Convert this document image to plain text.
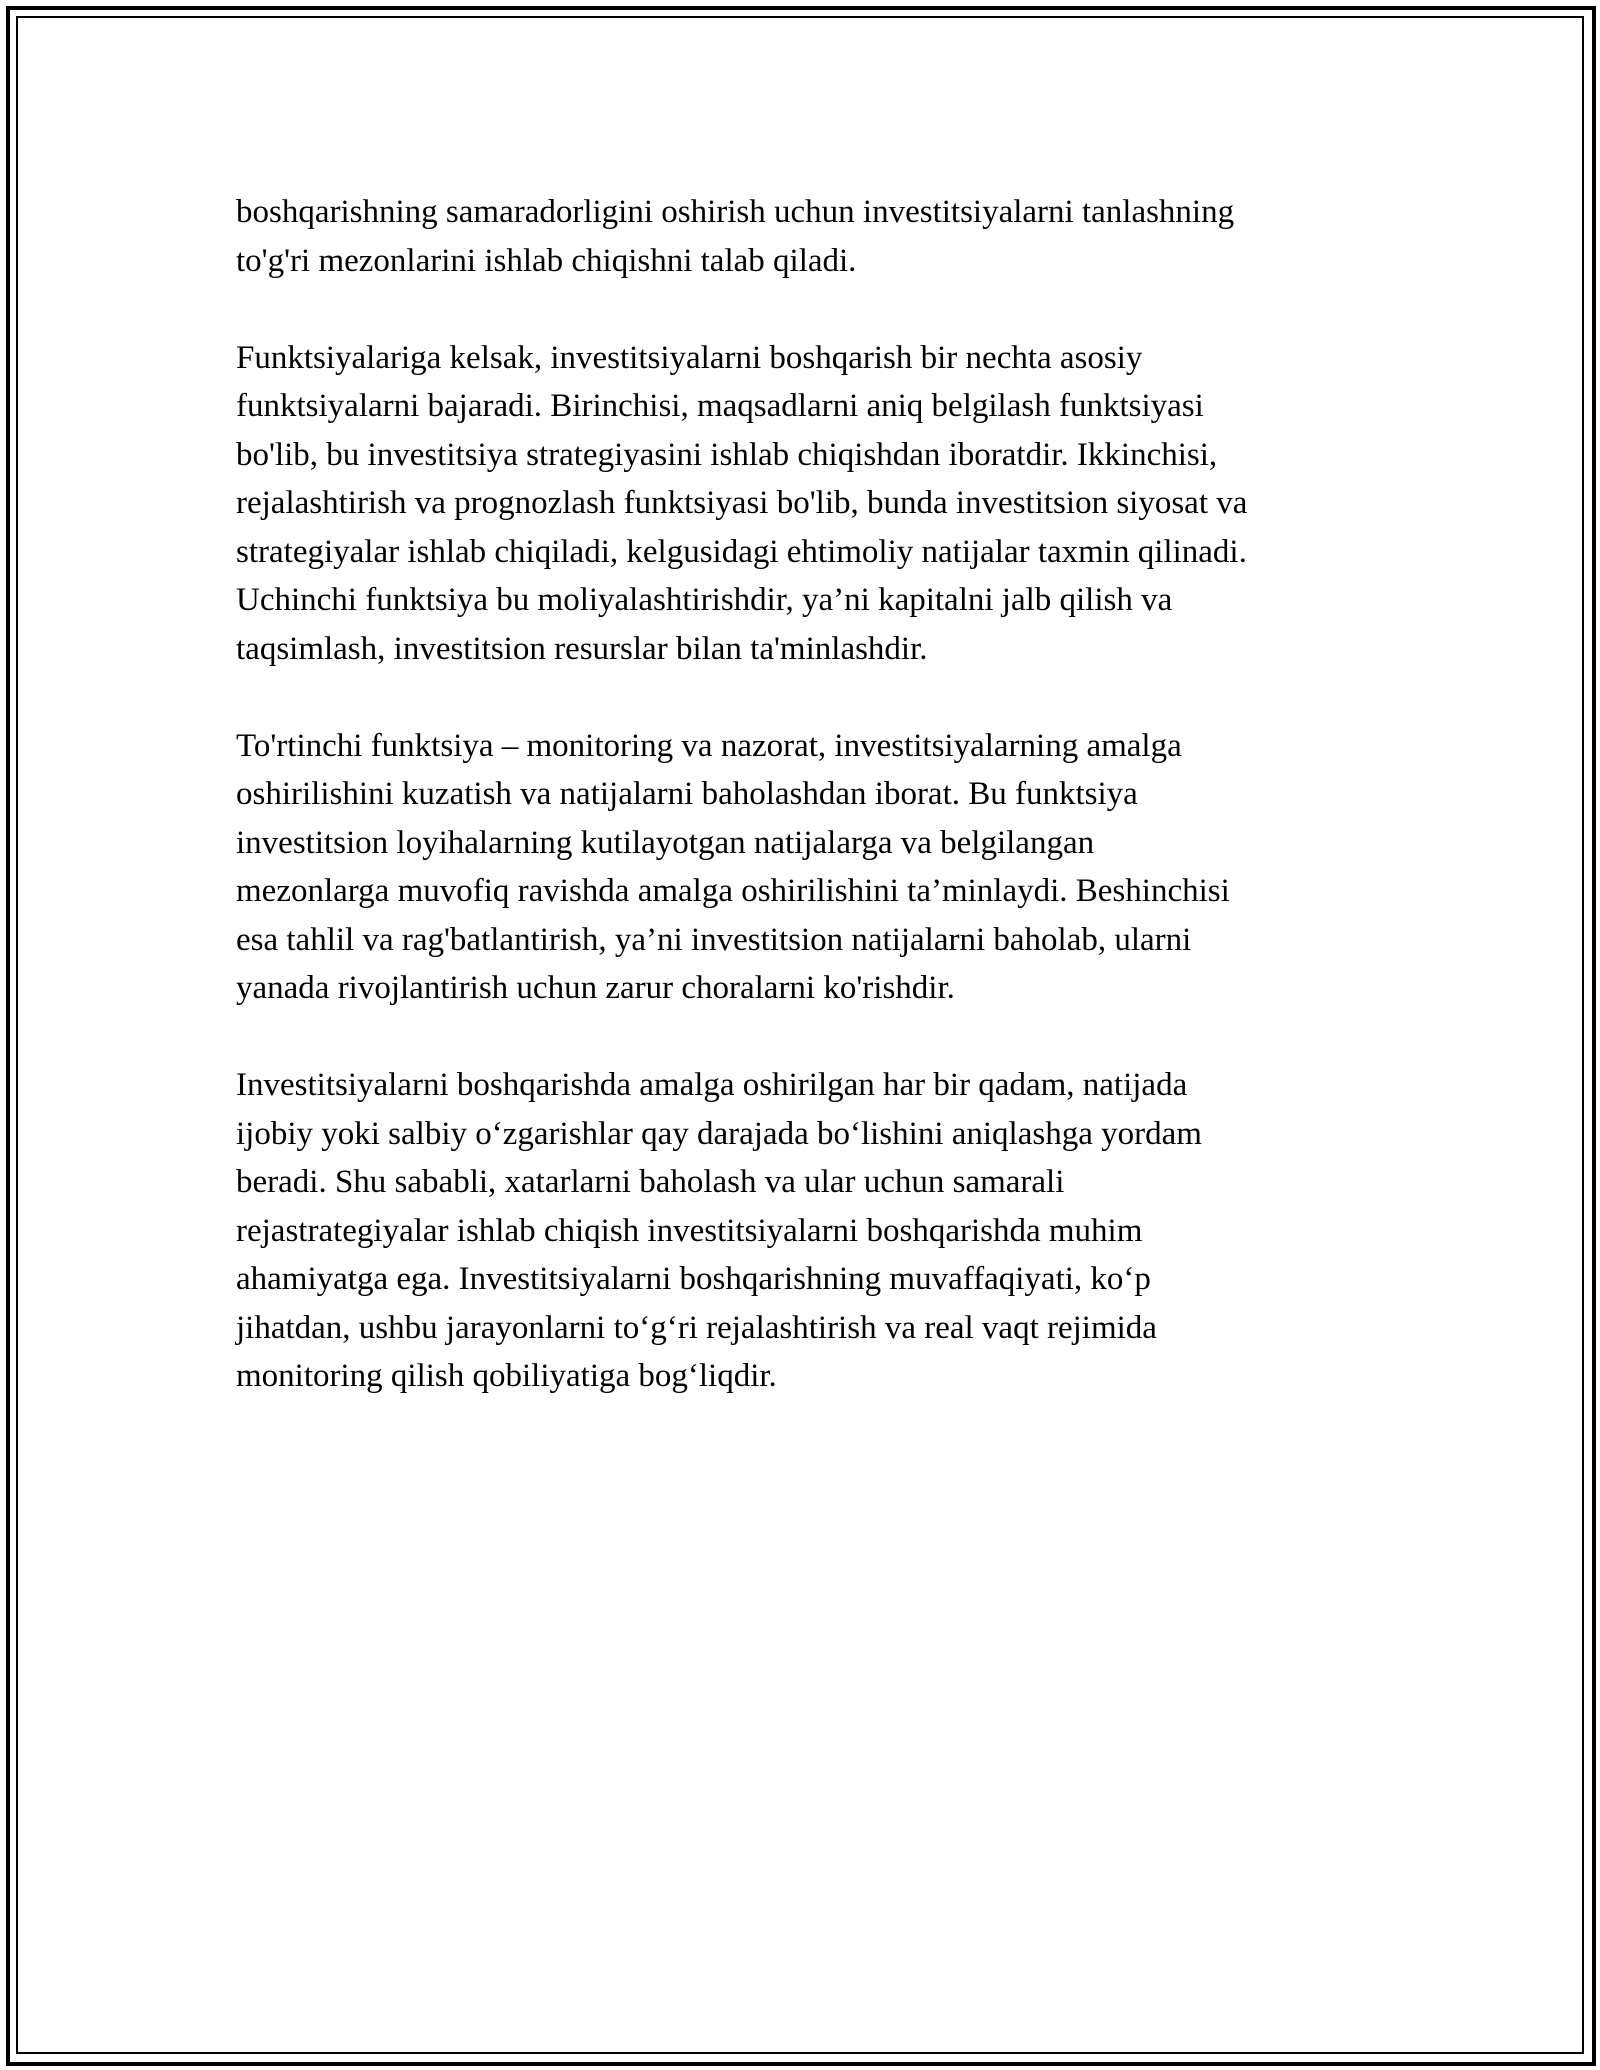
boshqarishning samaradorligini oshirish uchun investitsiyalarni tanlashning
to'g'ri mezonlarini ishlab chiqishni talab qiladi.

Funktsiyalariga kelsak, investitsiyalarni boshqarish bir nechta asosiy
funktsiyalarni bajaradi. Birinchisi, maqsadlarni aniq belgilash funktsiyasi
bo'lib, bu investitsiya strategiyasini ishlab chiqishdan iboratdir. Ikkinchisi,
rejalashtirish va prognozlash funktsiyasi bo'lib, bunda investitsion siyosat va
strategiyalar ishlab chiqiladi, kelgusidagi ehtimoliy natijalar taxmin qilinadi.
Uchinchi funktsiya bu moliyalashtirishdir, ya’ni kapitalni jalb qilish va
taqsimlash, investitsion resurslar bilan ta'minlashdir.

To'rtinchi funktsiya – monitoring va nazorat, investitsiyalarning amalga
oshirilishini kuzatish va natijalarni baholashdan iborat. Bu funktsiya
investitsion loyihalarning kutilayotgan natijalarga va belgilangan
mezonlarga muvofiq ravishda amalga oshirilishini ta’minlaydi. Beshinchisi
esa tahlil va rag'batlantirish, ya’ni investitsion natijalarni baholab, ularni
yanada rivojlantirish uchun zarur choralarni ko'rishdir.

Investitsiyalarni boshqarishda amalga oshirilgan har bir qadam, natijada
ijobiy yoki salbiy oʻzgarishlar qay darajada boʻlishini aniqlashga yordam
beradi. Shu sababli, xatarlarni baholash va ular uchun samarali
rejastrategiyalar ishlab chiqish investitsiyalarni boshqarishda muhim
ahamiyatga ega. Investitsiyalarni boshqarishning muvaffaqiyati, koʻp
jihatdan, ushbu jarayonlarni toʻgʻri rejalashtirish va real vaqt rejimida
monitoring qilish qobiliyatiga bogʻliqdir.
